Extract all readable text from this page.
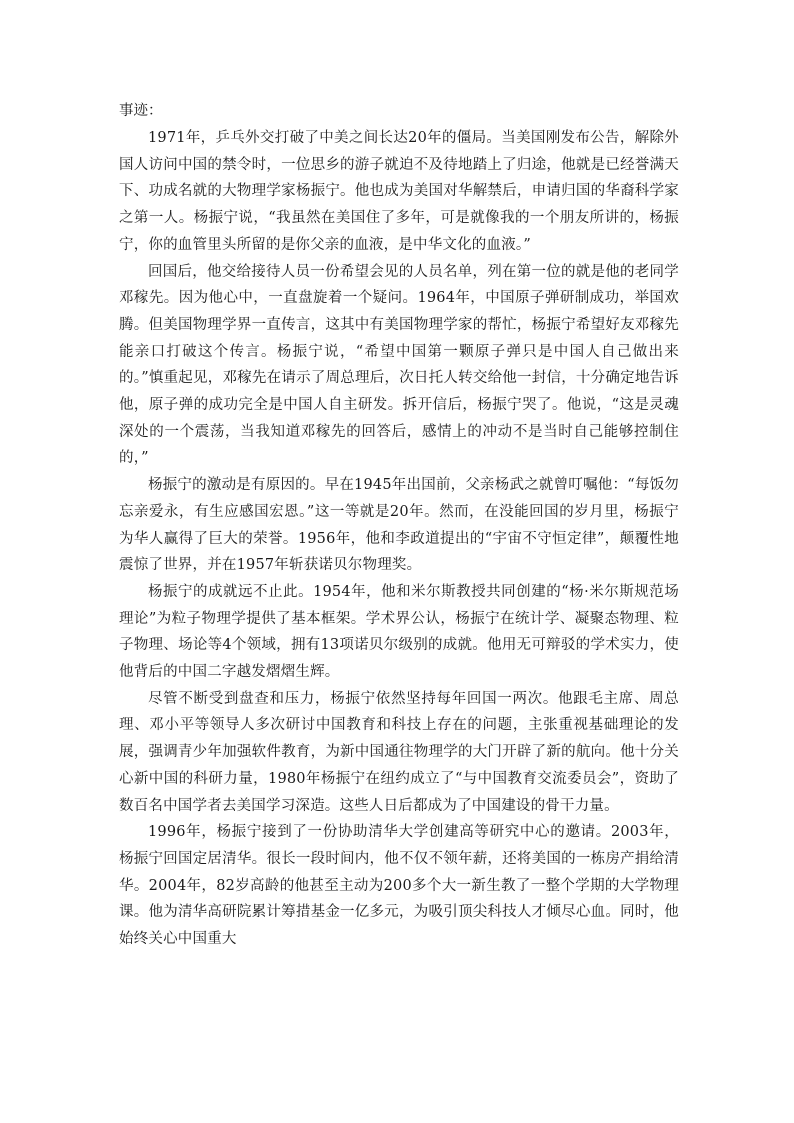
事迹：

1971年，乒乓外交打破了中美之间长达20年的僵局。当美国刚发布公告，解除外国人访问中国的禁令时，一位思乡的游子就迫不及待地踏上了归途，他就是已经誉满天下、功成名就的大物理学家杨振宁。他也成为美国对华解禁后，申请归国的华裔科学家之第一人。杨振宁说，“我虽然在美国住了多年，可是就像我的一个朋友所讲的，杨振宁，你的血管里头所留的是你父亲的血液，是中华文化的血液。”

回国后，他交给接待人员一份希望会见的人员名单，列在第一位的就是他的老同学邓稼先。因为他心中，一直盘旋着一个疑问。1964年，中国原子弹研制成功，举国欢腾。但美国物理学界一直传言，这其中有美国物理学家的帮忙，杨振宁希望好友邓稼先能亲口打破这个传言。杨振宁说，“希望中国第一颗原子弹只是中国人自己做出来的。”慎重起见，邓稼先在请示了周总理后，次日托人转交给他一封信，十分确定地告诉他，原子弹的成功完全是中国人自主研发。拆开信后，杨振宁哭了。他说，“这是灵魂深处的一个震荡，当我知道邓稼先的回答后，感情上的冲动不是当时自己能够控制住的，”

杨振宁的激动是有原因的。早在1945年出国前，父亲杨武之就曾叮嘱他：“每饭勿忘亲爱永，有生应感国宏恩。”这一等就是20年。然而，在没能回国的岁月里，杨振宁为华人赢得了巨大的荣誉。1956年，他和李政道提出的“宇宙不守恒定律”，颠覆性地震惊了世界，并在1957年斩获诺贝尔物理奖。

杨振宁的成就远不止此。1954年，他和米尔斯教授共同创建的“杨·米尔斯规范场理论”为粒子物理学提供了基本框架。学术界公认，杨振宁在统计学、凝聚态物理、粒子物理、场论等4个领域，拥有13项诺贝尔级别的成就。他用无可辩驳的学术实力，使他背后的中国二字越发熠熠生辉。

尽管不断受到盘查和压力，杨振宁依然坚持每年回国一两次。他跟毛主席、周总理、邓小平等领导人多次研讨中国教育和科技上存在的问题，主张重视基础理论的发展，强调青少年加强软件教育，为新中国通往物理学的大门开辟了新的航向。他十分关心新中国的科研力量，1980年杨振宁在纽约成立了“与中国教育交流委员会”，资助了数百名中国学者去美国学习深造。这些人日后都成为了中国建设的骨干力量。

1996年，杨振宁接到了一份协助清华大学创建高等研究中心的邀请。2003年，杨振宁回国定居清华。很长一段时间内，他不仅不领年薪，还将美国的一栋房产捐给清华。2004年，82岁高龄的他甚至主动为200多个大一新生教了一整个学期的大学物理课。他为清华高研院累计筹措基金一亿多元，为吸引顶尖科技人才倾尽心血。同时，他始终关心中国重大
